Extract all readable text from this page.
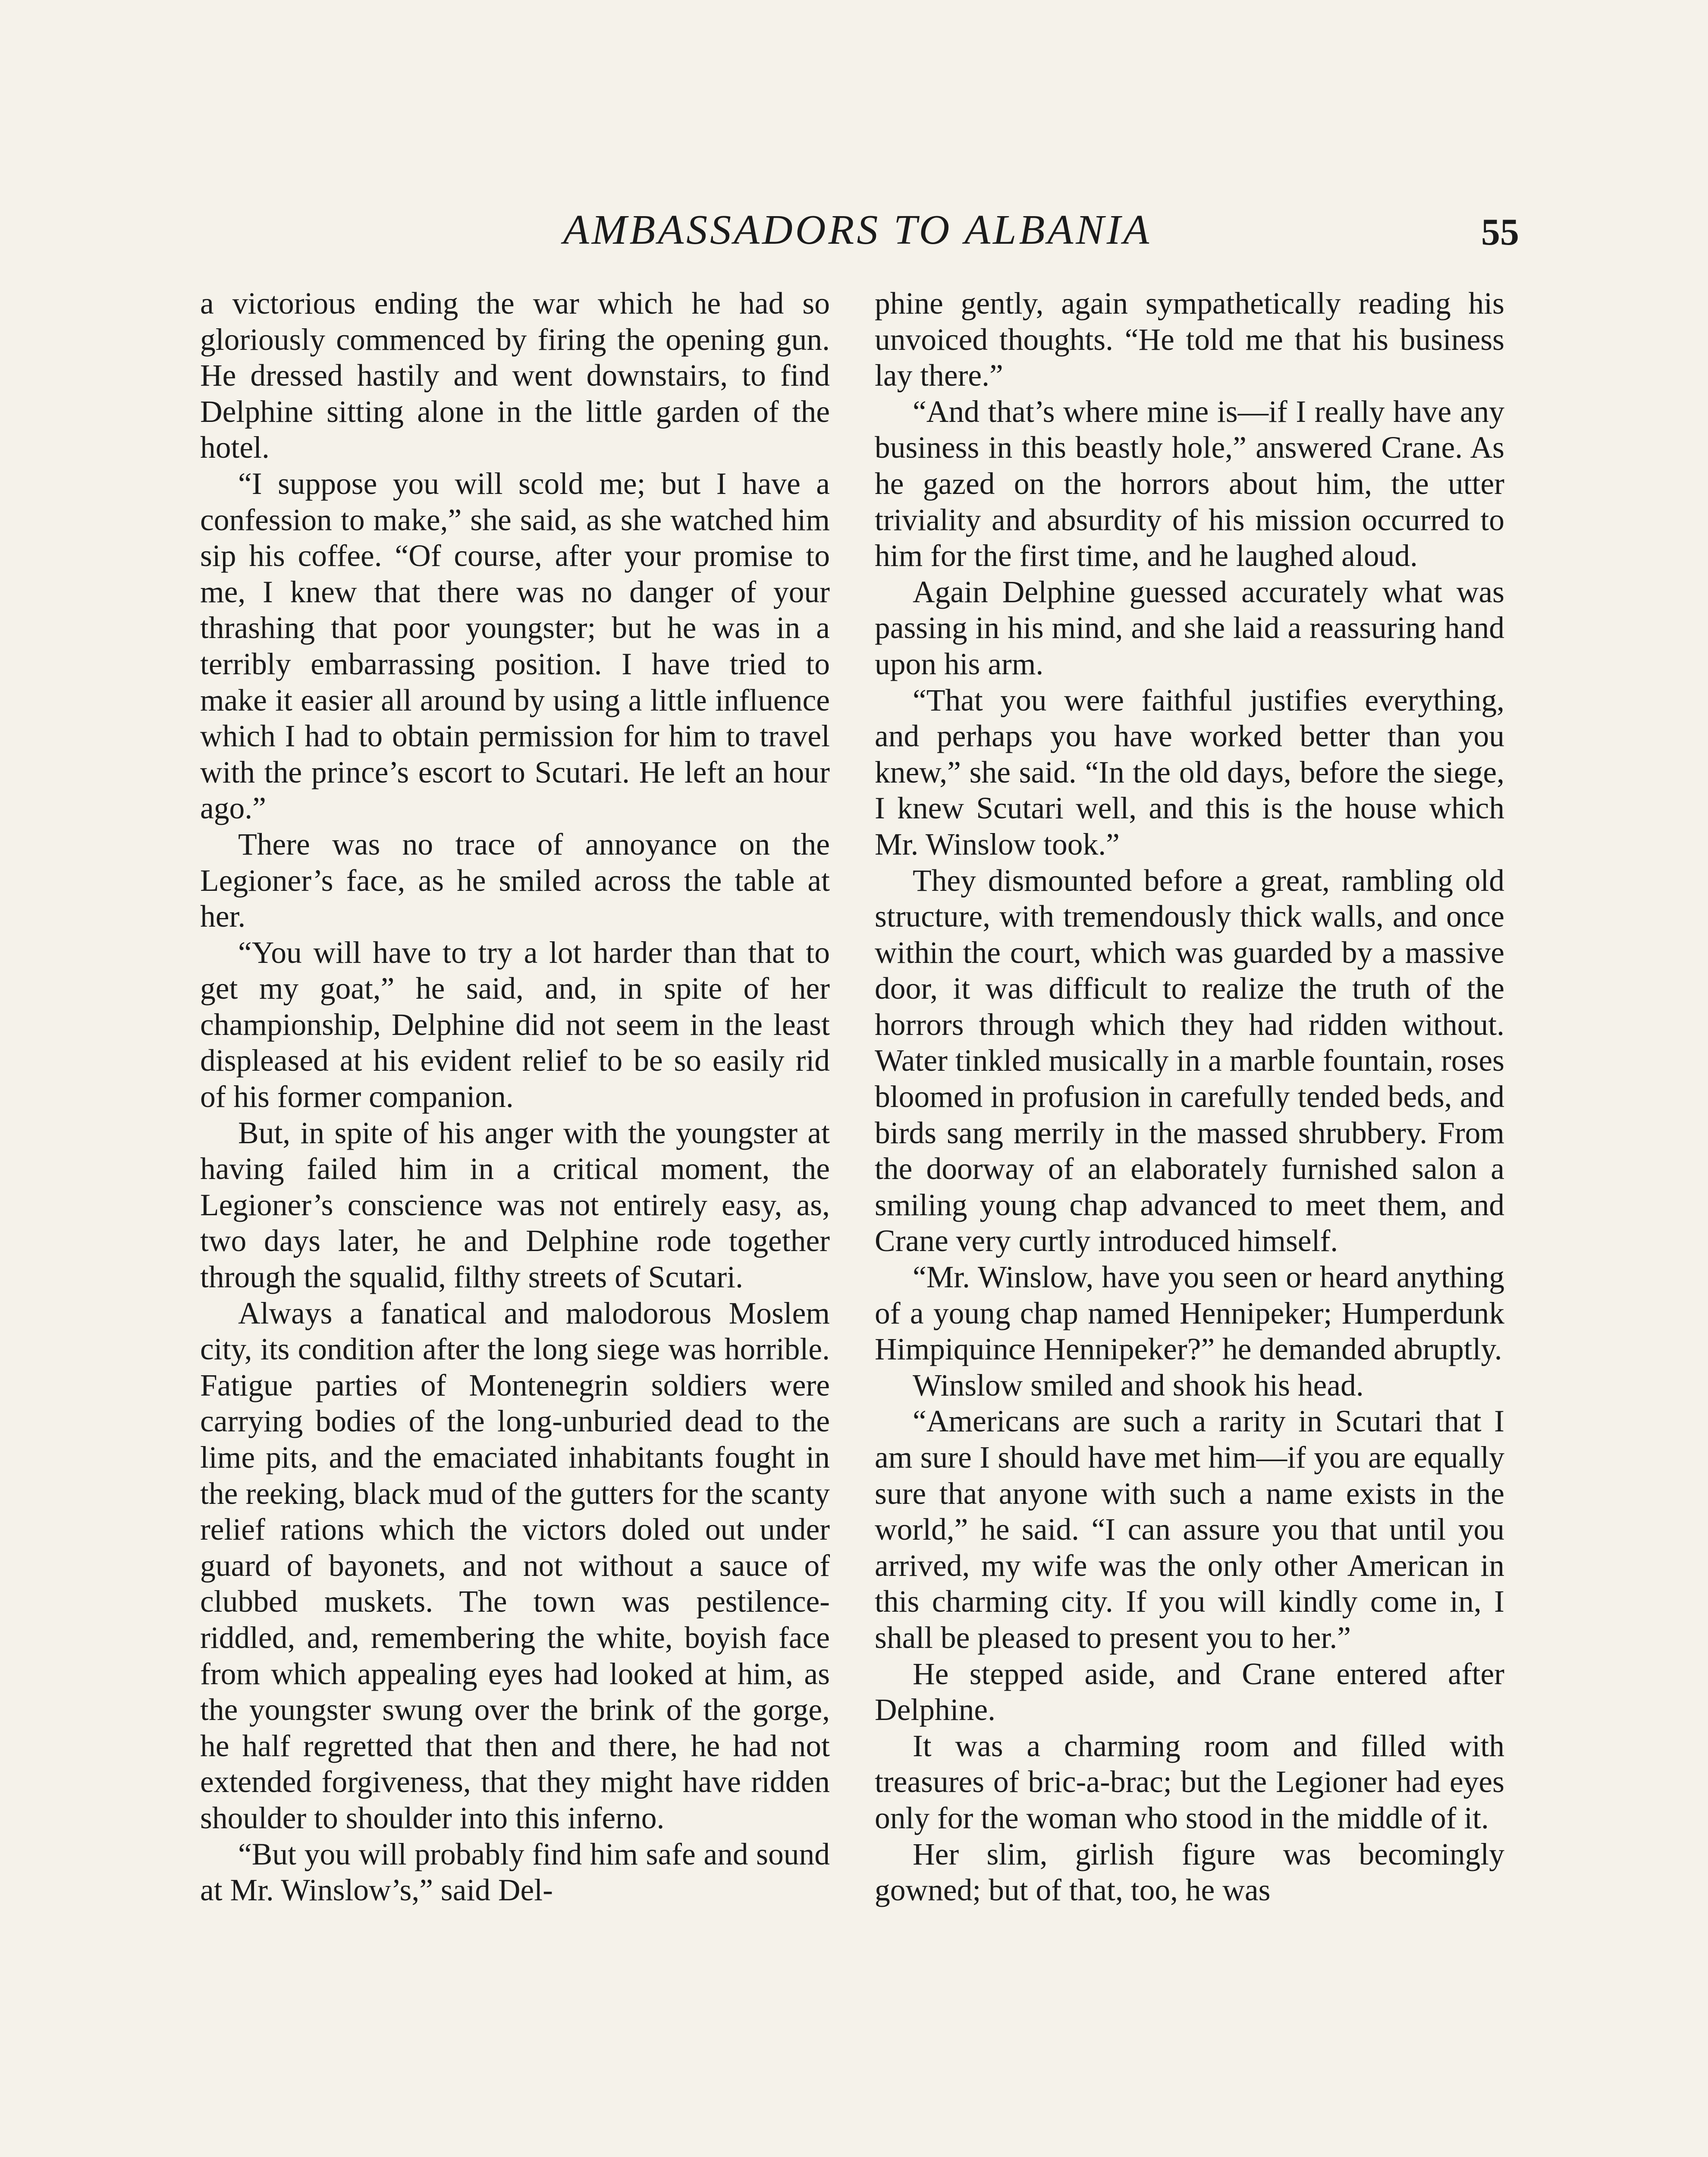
AMBASSADORS TO ALBANIA	55

a victorious ending the war which he had so gloriously commenced by firing the opening gun. He dressed hastily and went downstairs, to find Delphine sitting alone in the little garden of the hotel.

“I suppose you will scold me; but I have a confession to make,” she said, as she watched him sip his coffee. “Of course, after your promise to me, I knew that there was no danger of your thrashing that poor youngster; but he was in a terribly embarrassing position. I have tried to make it easier all around by using a little influence which I had to obtain permission for him to travel with the prince’s escort to Scutari. He left an hour ago.”

There was no trace of annoyance on the Legioner’s face, as he smiled across the table at her.

“You will have to try a lot harder than that to get my goat,” he said, and, in spite of her championship, Delphine did not seem in the least displeased at his evident relief to be so easily rid of his former companion.

But, in spite of his anger with the youngster at having failed him in a critical moment, the Legioner’s conscience was not entirely easy, as, two days later, he and Delphine rode together through the squalid, filthy streets of Scutari.

Always a fanatical and malodorous Moslem city, its condition after the long siege was horrible. Fatigue parties of Montenegrin soldiers were carrying bodies of the long-unburied dead to the lime pits, and the emaciated inhabitants fought in the reeking, black mud of the gutters for the scanty relief rations which the victors doled out under guard of bayonets, and not without a sauce of clubbed muskets. The town was pestilence-riddled, and, remembering the white, boyish face from which appealing eyes had looked at him, as the youngster swung over the brink of the gorge, he half regretted that then and there, he had not extended forgiveness, that they might have ridden shoulder to shoulder into this inferno.

“But you will probably find him safe and sound at Mr. Winslow’s,” said Del-

phine gently, again sympathetically reading his unvoiced thoughts. “He told me that his business lay there.”

“And that’s where mine is—if I really have any business in this beastly hole,” answered Crane. As he gazed on the horrors about him, the utter triviality and absurdity of his mission occurred to him for the first time, and he laughed aloud.

Again Delphine guessed accurately what was passing in his mind, and she laid a reassuring hand upon his arm.

“That you were faithful justifies everything, and perhaps you have worked better than you knew,” she said. “In the old days, before the siege, I knew Scutari well, and this is the house which Mr. Winslow took.”

They dismounted before a great, rambling old structure, with tremendously thick walls, and once within the court, which was guarded by a massive door, it was difficult to realize the truth of the horrors through which they had ridden without. Water tinkled musically in a marble fountain, roses bloomed in profusion in carefully tended beds, and birds sang merrily in the massed shrubbery. From the doorway of an elaborately furnished salon a smiling young chap advanced to meet them, and Crane very curtly introduced himself.

“Mr. Winslow, have you seen or heard anything of a young chap named Hennipeker; Humperdunk Himpiquince Hennipeker?” he demanded abruptly.

Winslow smiled and shook his head.

“Americans are such a rarity in Scutari that I am sure I should have met him—if you are equally sure that anyone with such a name exists in the world,” he said. “I can assure you that until you arrived, my wife was the only other American in this charming city. If you will kindly come in, I shall be pleased to present you to her.”

He stepped aside, and Crane entered after Delphine.

It was a charming room and filled with treasures of bric-a-brac; but the Legioner had eyes only for the woman who stood in the middle of it.

Her slim, girlish figure was becomingly gowned; but of that, too, he was
